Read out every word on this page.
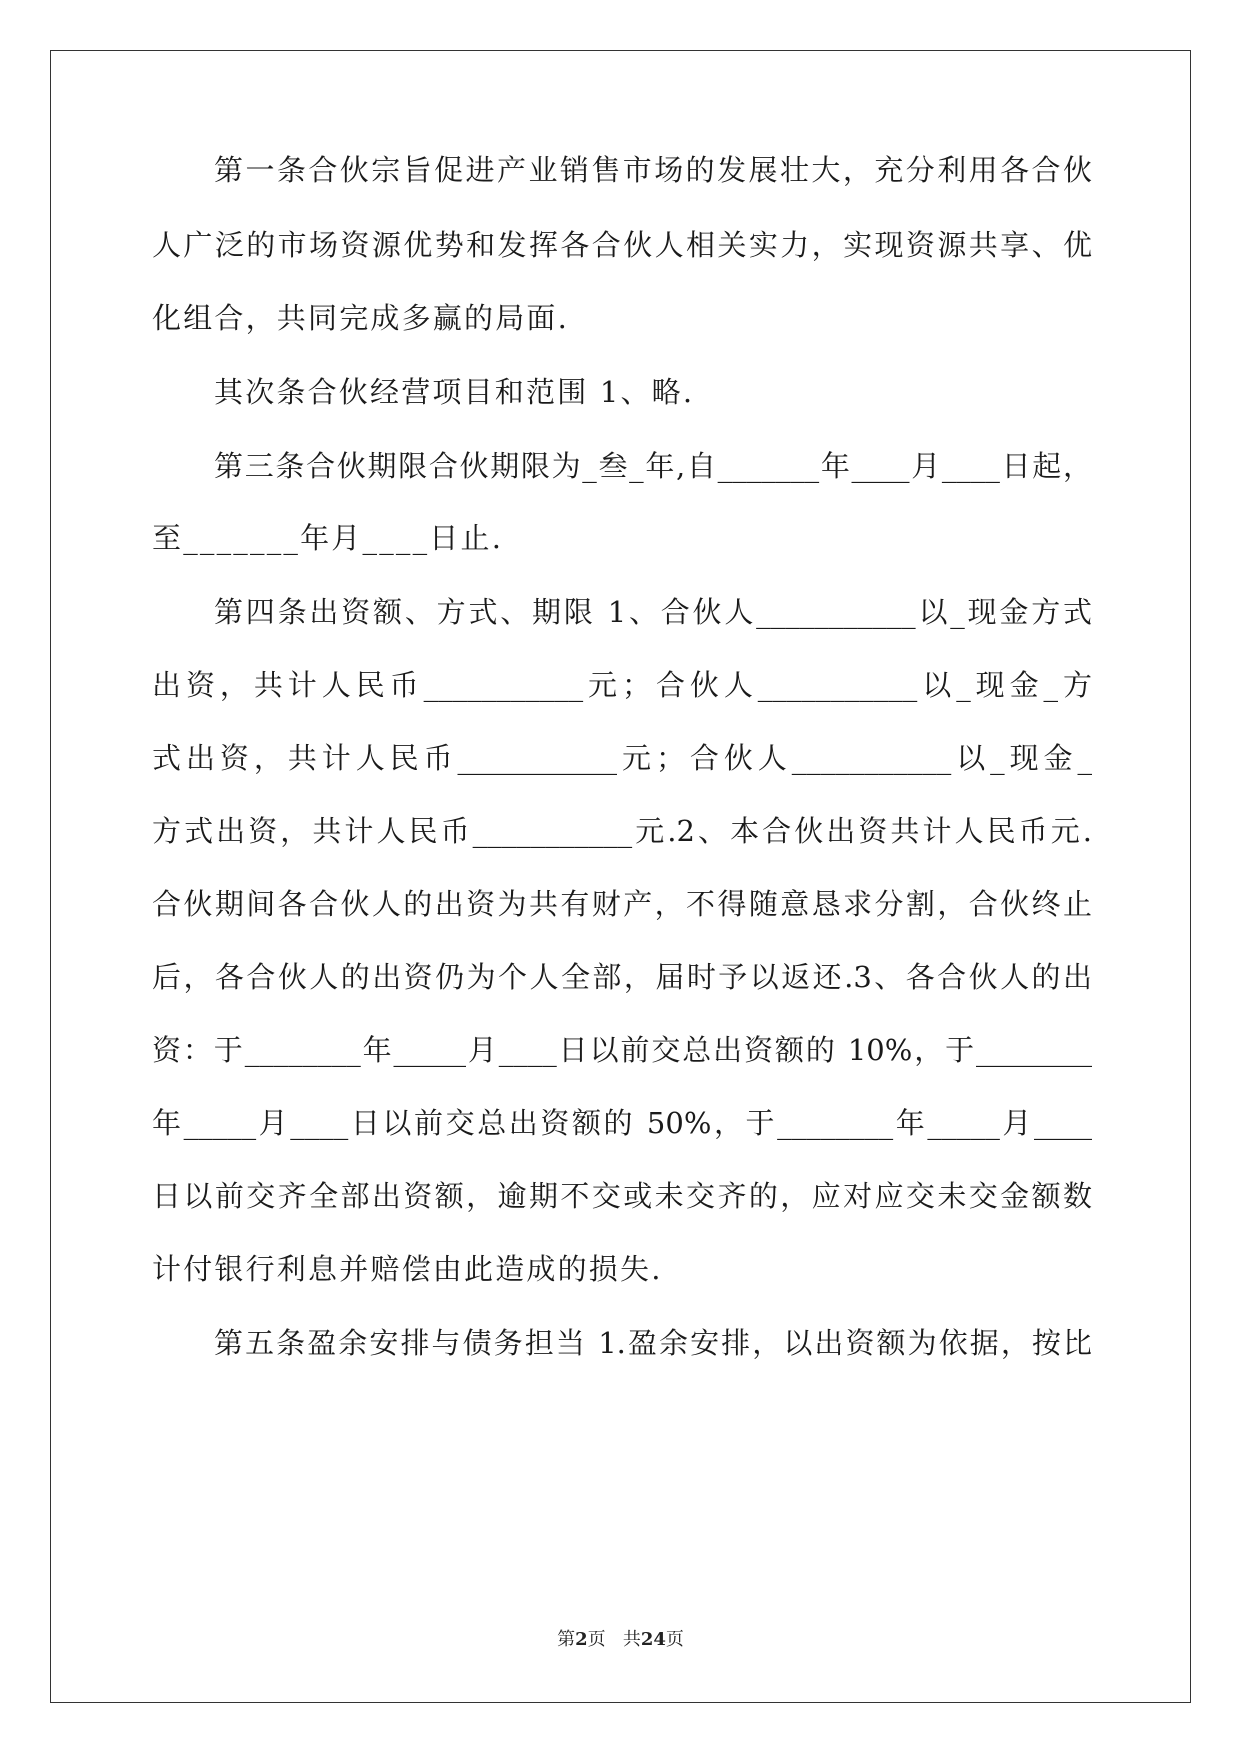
第一条合伙宗旨促进产业销售市场的发展壮大，充分利用各合伙
人广泛的市场资源优势和发挥各合伙人相关实力，实现资源共享、优
化组合，共同完成多赢的局面.
其次条合伙经营项目和范围 1、略.
第三条合伙期限合伙期限为_叁_年,自_______年____月____日起，
至_______年月____日止.
第四条出资额、方式、期限 1、合伙人___________以_现金方式
出资，共计人民币___________元；合伙人___________以_现金_方
式出资，共计人民币___________元；合伙人___________以_现金_
方式出资，共计人民币___________元.2、本合伙出资共计人民币元.
合伙期间各合伙人的出资为共有财产，不得随意恳求分割，合伙终止
后，各合伙人的出资仍为个人全部，届时予以返还.3、各合伙人的出
资：于________年_____月____日以前交总出资额的 10%，于________
年_____月____日以前交总出资额的 50%，于________年_____月____
日以前交齐全部出资额，逾期不交或未交齐的，应对应交未交金额数
计付银行利息并赔偿由此造成的损失.
第五条盈余安排与债务担当 1.盈余安排，以出资额为依据，按比
第2页 共24页
